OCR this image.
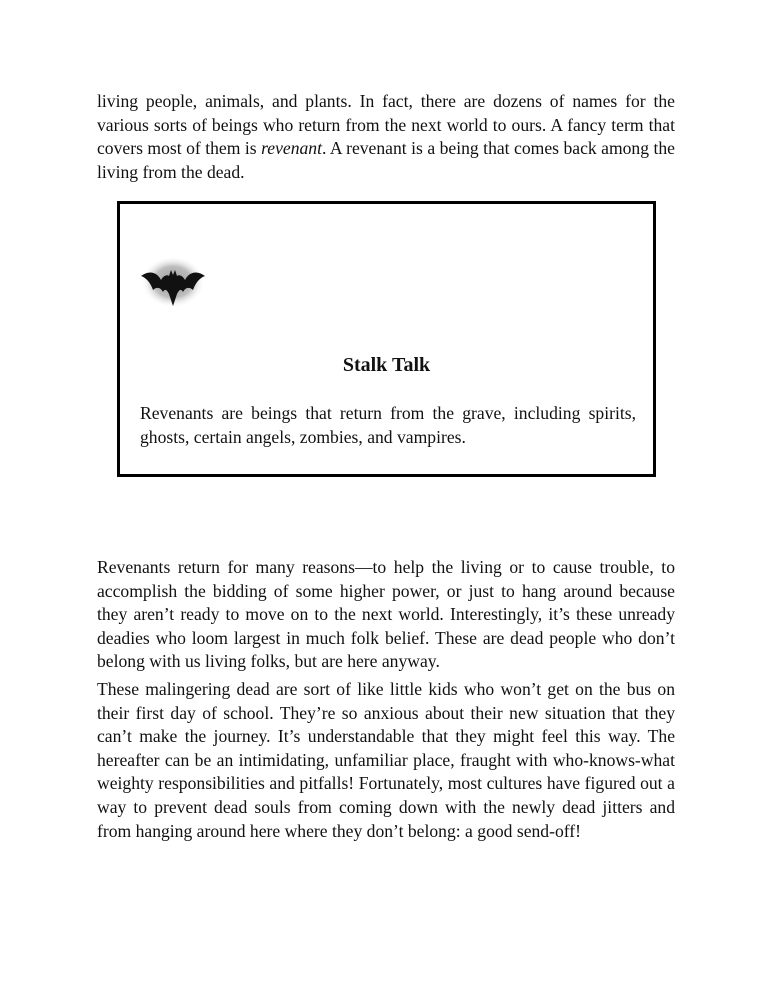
living people, animals, and plants. In fact, there are dozens of names for the various sorts of beings who return from the next world to ours. A fancy term that covers most of them is revenant. A revenant is a being that comes back among the living from the dead.

Stalk Talk

Revenants are beings that return from the grave, including spirits, ghosts, certain angels, zombies, and vampires.

Revenants return for many reasons—to help the living or to cause trouble, to accomplish the bidding of some higher power, or just to hang around because they aren’t ready to move on to the next world. Interestingly, it’s these unready deadies who loom largest in much folk belief. These are dead people who don’t belong with us living folks, but are here anyway.

These malingering dead are sort of like little kids who won’t get on the bus on their first day of school. They’re so anxious about their new situation that they can’t make the journey. It’s understandable that they might feel this way. The hereafter can be an intimidating, unfamiliar place, fraught with who-knows-what weighty responsibilities and pitfalls! Fortunately, most cultures have figured out a way to prevent dead souls from coming down with the newly dead jitters and from hanging around here where they don’t belong: a good send-off!
